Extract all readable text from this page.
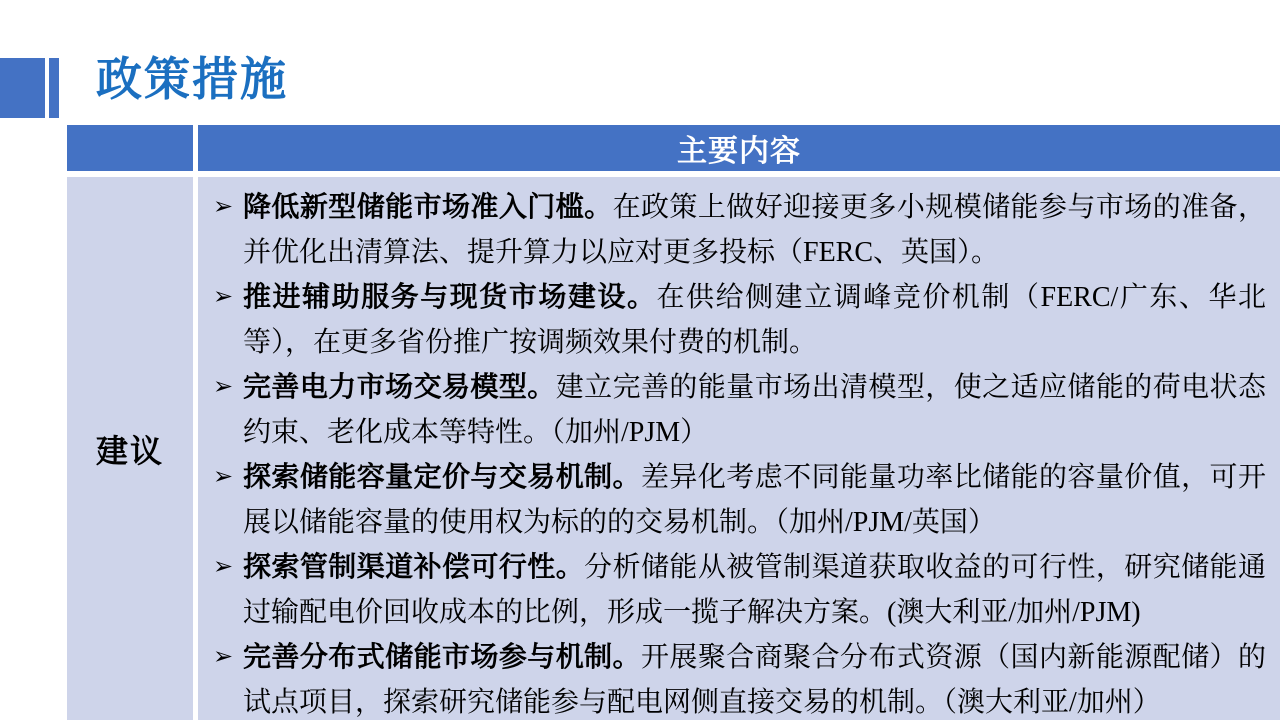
政策措施
主要内容
建议
➢ 降低新型储能市场准入门槛。在政策上做好迎接更多小规模储能参与市场的准备，并优化出清算法、提升算力以应对更多投标（FERC、英国）。
➢ 推进辅助服务与现货市场建设。在供给侧建立调峰竞价机制（FERC/广东、华北等），在更多省份推广按调频效果付费的机制。
➢ 完善电力市场交易模型。建立完善的能量市场出清模型，使之适应储能的荷电状态约束、老化成本等特性。（加州/PJM）
➢ 探索储能容量定价与交易机制。差异化考虑不同能量功率比储能的容量价值，可开展以储能容量的使用权为标的的交易机制。（加州/PJM/英国）
➢ 探索管制渠道补偿可行性。分析储能从被管制渠道获取收益的可行性，研究储能通过输配电价回收成本的比例，形成一揽子解决方案。(澳大利亚/加州/PJM)
➢ 完善分布式储能市场参与机制。开展聚合商聚合分布式资源（国内新能源配储）的试点项目，探索研究储能参与配电网侧直接交易的机制。（澳大利亚/加州）
